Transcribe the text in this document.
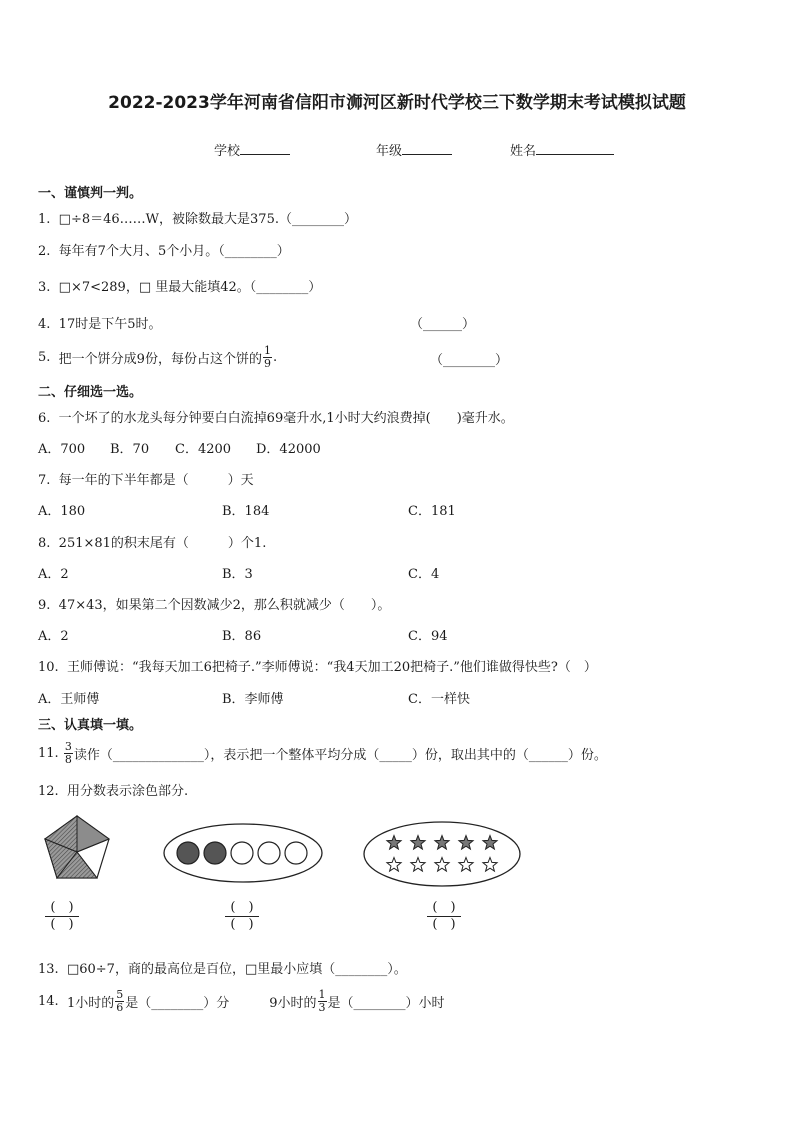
2022-2023学年河南省信阳市浉河区新时代学校三下数学期末考试模拟试题
学校	年级	姓名
一、谨慎判一判。
1. □÷8＝46……W，被除数最大是375.（________）
2. 每年有7个大月、5个小月。（________）
3. □×7<289，□ 里最大能填42。（________）
4. 17时是下午5时。	（______）
5.
把一个饼分成9份，每份占这个饼的 $\frac{1}{9}$ .	（________）
二、仔细选一选。
6. 一个坏了的水龙头每分钟要白白流掉69毫升水,1小时大约浪费掉(　　)毫升水。
A．700 B．70 C．4200 D．42000
7. 每一年的下半年都是（　　　）天
A．180	B．184	C．181
8. 251×81的积末尾有（　　　）个1.
A．2	B．3	C．4
9. 47×43，如果第二个因数减少2，那么积就减少（　　）。
A．2	B．86	C．94
10. 王师傅说：“我每天加工6把椅子.”李师傅说：“我4天加工20把椅子.”他们谁做得快些?（　）
A．王师傅	B．李师傅	C．一样快
三、认真填一填。
11.
$\frac{3}{8}$ 读作（______________），表示把一个整体平均分成（_____）份，取出其中的（______）份。
12. 用分数表示涂色部分.
(　)
(　)
(　)
(　)
(　)
(　)
13. □60÷7，商的最高位是百位，□里最小应填（________）。
14.
1小时的 $\frac{5}{6}$ 是（________）分	9小时的 $\frac{1}{3}$ 是（________）小时
